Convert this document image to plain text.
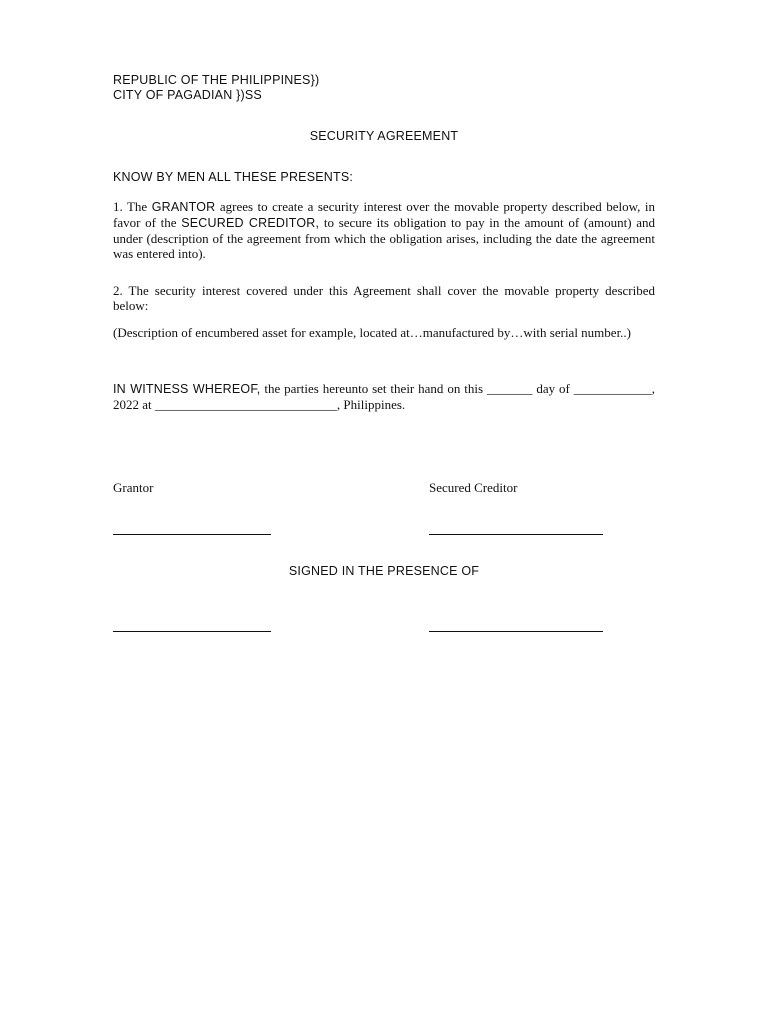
REPUBLIC OF THE PHILIPPINES})
CITY OF PAGADIAN })SS
SECURITY AGREEMENT
KNOW BY MEN ALL THESE PRESENTS:
1. The GRANTOR agrees to create a security interest over the movable property described below, in favor of the SECURED CREDITOR, to secure its obligation to pay in the amount of (amount) and under (description of the agreement from which the obligation arises, including the date the agreement was entered into).
2. The security interest covered under this Agreement shall cover the movable property described below:
(Description of encumbered asset for example, located at…manufactured by…with serial number..)
IN WITNESS WHEREOF, the parties hereunto set their hand on this _______ day of ____________, 2022 at ____________________________, Philippines.
Grantor	Secured Creditor
SIGNED IN THE PRESENCE OF
